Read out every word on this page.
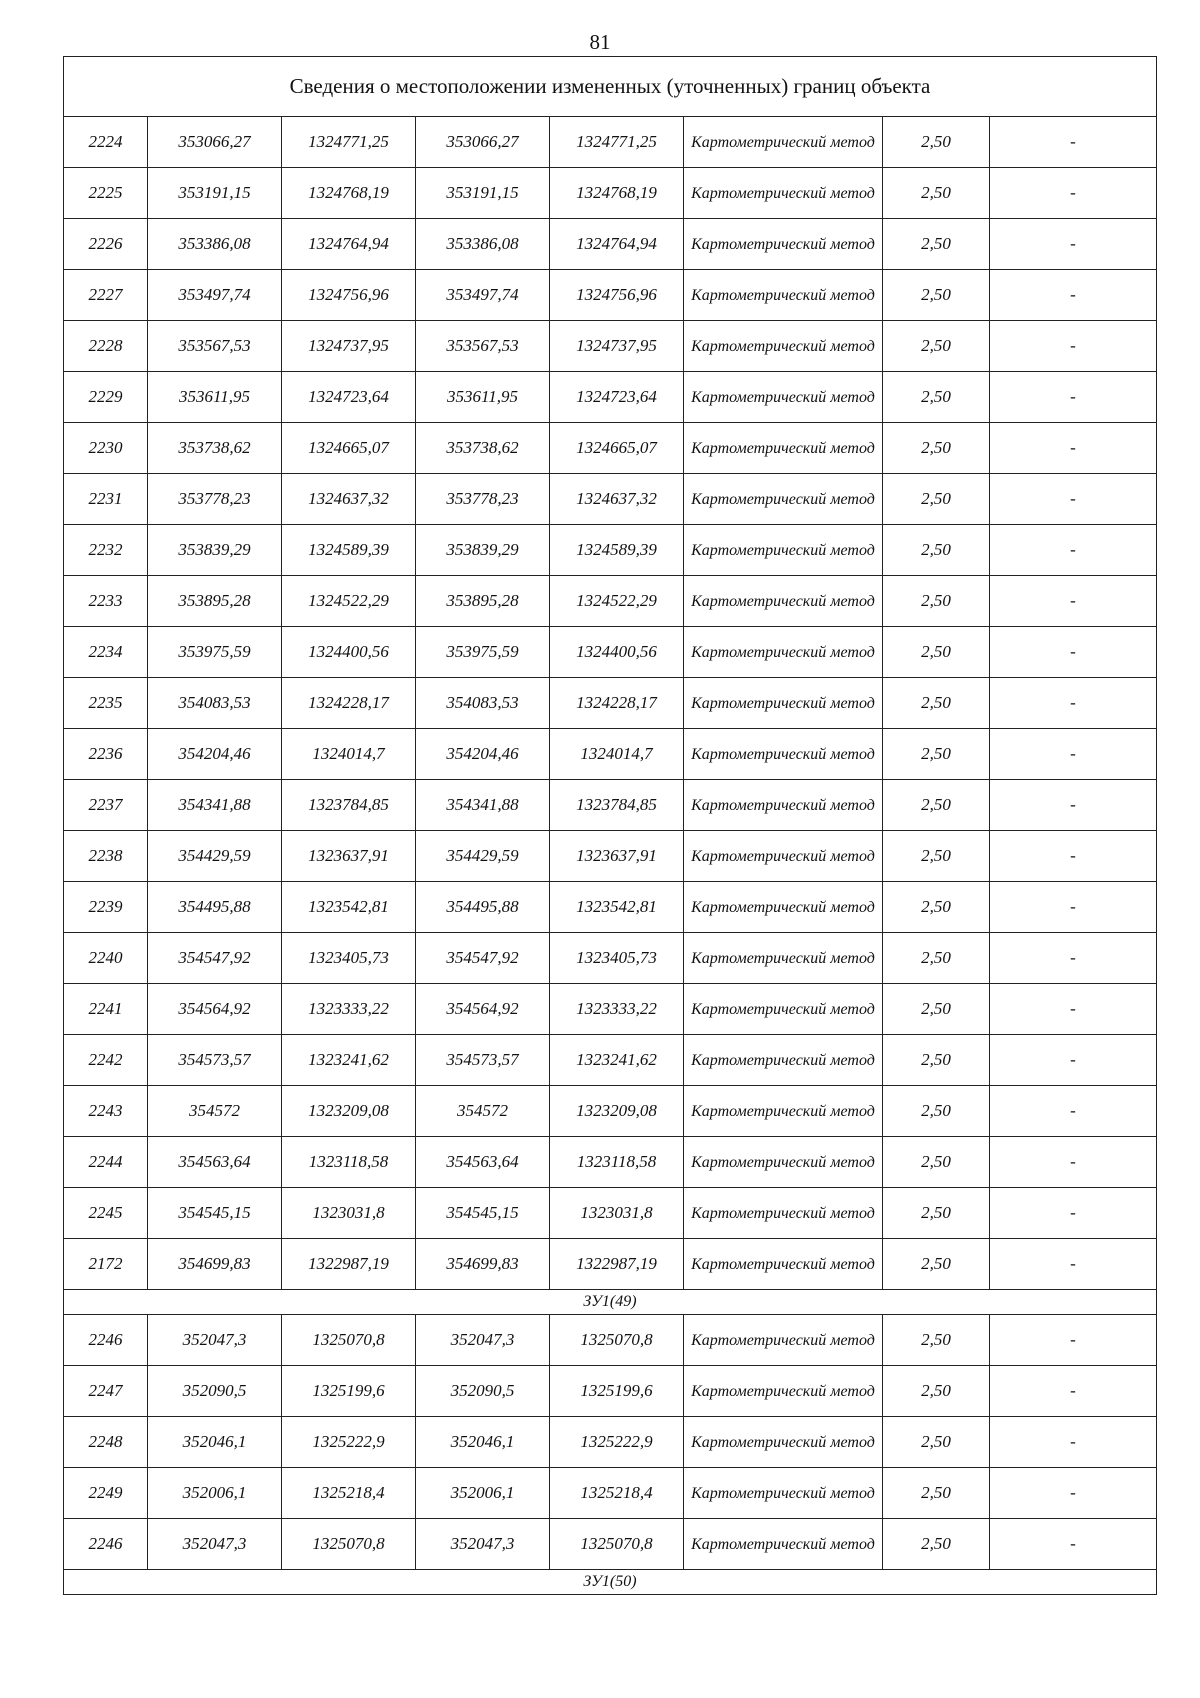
81
Сведения о местоположении измененных (уточненных) границ объекта							
2224	353066,27	1324771,25	353066,27	1324771,25	Картометрический метод	2,50	-
2225	353191,15	1324768,19	353191,15	1324768,19	Картометрический метод	2,50	-
2226	353386,08	1324764,94	353386,08	1324764,94	Картометрический метод	2,50	-
2227	353497,74	1324756,96	353497,74	1324756,96	Картометрический метод	2,50	-
2228	353567,53	1324737,95	353567,53	1324737,95	Картометрический метод	2,50	-
2229	353611,95	1324723,64	353611,95	1324723,64	Картометрический метод	2,50	-
2230	353738,62	1324665,07	353738,62	1324665,07	Картометрический метод	2,50	-
2231	353778,23	1324637,32	353778,23	1324637,32	Картометрический метод	2,50	-
2232	353839,29	1324589,39	353839,29	1324589,39	Картометрический метод	2,50	-
2233	353895,28	1324522,29	353895,28	1324522,29	Картометрический метод	2,50	-
2234	353975,59	1324400,56	353975,59	1324400,56	Картометрический метод	2,50	-
2235	354083,53	1324228,17	354083,53	1324228,17	Картометрический метод	2,50	-
2236	354204,46	1324014,7	354204,46	1324014,7	Картометрический метод	2,50	-
2237	354341,88	1323784,85	354341,88	1323784,85	Картометрический метод	2,50	-
2238	354429,59	1323637,91	354429,59	1323637,91	Картометрический метод	2,50	-
2239	354495,88	1323542,81	354495,88	1323542,81	Картометрический метод	2,50	-
2240	354547,92	1323405,73	354547,92	1323405,73	Картометрический метод	2,50	-
2241	354564,92	1323333,22	354564,92	1323333,22	Картометрический метод	2,50	-
2242	354573,57	1323241,62	354573,57	1323241,62	Картометрический метод	2,50	-
2243	354572	1323209,08	354572	1323209,08	Картометрический метод	2,50	-
2244	354563,64	1323118,58	354563,64	1323118,58	Картометрический метод	2,50	-
2245	354545,15	1323031,8	354545,15	1323031,8	Картометрический метод	2,50	-
2172	354699,83	1322987,19	354699,83	1322987,19	Картометрический метод	2,50	-
ЗУ1(49)							
2246	352047,3	1325070,8	352047,3	1325070,8	Картометрический метод	2,50	-
2247	352090,5	1325199,6	352090,5	1325199,6	Картометрический метод	2,50	-
2248	352046,1	1325222,9	352046,1	1325222,9	Картометрический метод	2,50	-
2249	352006,1	1325218,4	352006,1	1325218,4	Картометрический метод	2,50	-
2246	352047,3	1325070,8	352047,3	1325070,8	Картометрический метод	2,50	-
ЗУ1(50)							
